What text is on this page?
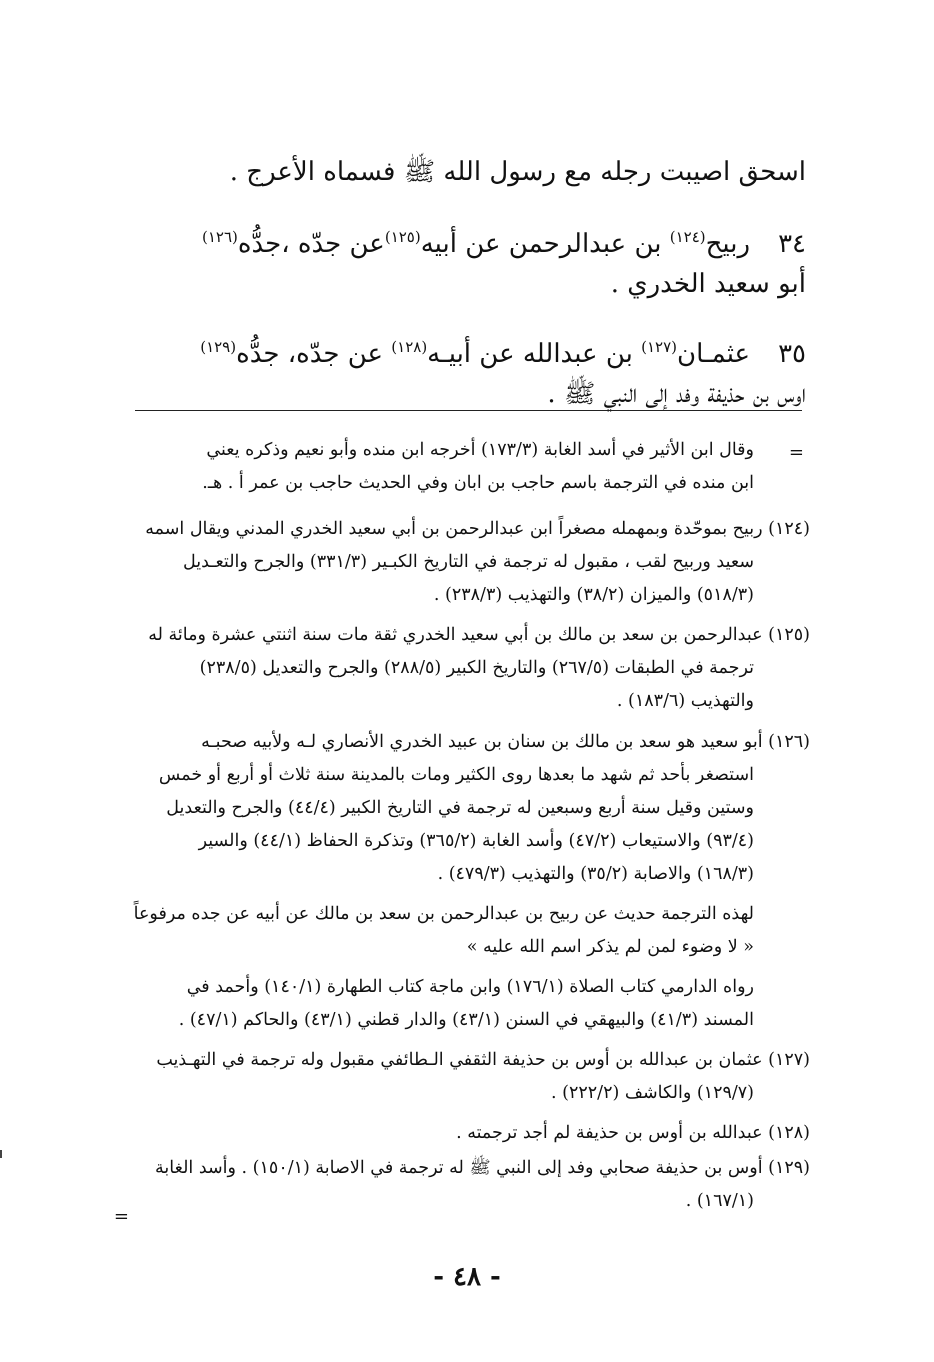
اسحق اصيبت رجله مع رسول الله ﷺ فسماه الأعرج .
٣٤ربيح$^{(١٢٤)}$ بن عبدالرحمن عن أبيه$^{(١٢٥)}$عن جدّه ،جدُّه$^{(١٢٦)}$
أبو سعيد الخدري .
٣٥عثمـان$^{(١٢٧)}$ بن عبدالله عن أبيـه$^{(١٢٨)}$ عن جدّه، جدُّه$^{(١٢٩)}$
اوس بن حذيفة وفد إلى النبي ﷺ .
=
وقال ابن الأثير في أسد الغابة (١٧٣/٣) أخرجه ابن منده وأبو نعيم وذكره يعني
ابن منده في الترجمة باسم حاجب بن ابان وفي الحديث حاجب بن عمر أ . هـ.
(١٢٤) ربيح بموحّدة وبمهمله مصغراً ابن عبدالرحمن بن أبي سعيد الخدري المدني ويقال اسمه
سعيد وربيح لقب ، مقبول له ترجمة في التاريخ الكبـير (٣٣١/٣) والجرح والتعـديل
(٥١٨/٣) والميزان (٣٨/٢) والتهذيب (٢٣٨/٣) .
(١٢٥) عبدالرحمن بن سعد بن مالك بن أبي سعيد الخدري ثقة مات سنة اثنتي عشرة ومائة له
ترجمة في الطبقات (٢٦٧/٥) والتاريخ الكبير (٢٨٨/٥) والجرح والتعديل (٢٣٨/٥)
والتهذيب (١٨٣/٦) .
(١٢٦) أبو سعيد هو سعد بن مالك بن سنان بن عبيد الخدري الأنصاري لـه ولأبيه صحبـه
استصغر بأحد ثم شهد ما بعدها روى الكثير ومات بالمدينة سنة ثلاث أو أربع أو خمس
وستين وقيل سنة أربع وسبعين له ترجمة في التاريخ الكبير (٤٤/٤) والجرح والتعديل
(٩٣/٤) والاستيعاب (٤٧/٢) وأسد الغابة (٣٦٥/٢) وتذكرة الحفاظ (٤٤/١) والسير
(١٦٨/٣) والاصابة (٣٥/٢) والتهذيب (٤٧٩/٣) .
لهذه الترجمة حديث عن ربيح بن عبدالرحمن بن سعد بن مالك عن أبيه عن جده مرفوعاً
« لا وضوء لمن لم يذكر اسم الله عليه »
رواه الدارمي كتاب الصلاة (١٧٦/١) وابن ماجة كتاب الطهارة (١٤٠/١) وأحمد في
المسند (٤١/٣) والبيهقي في السنن (٤٣/١) والدار قطني (٤٣/١) والحاكم (٤٧/١) .
(١٢٧) عثمان بن عبدالله بن أوس بن حذيفة الثقفي الـطائفي مقبول وله ترجمة في التهـذيب
(١٢٩/٧) والكاشف (٢٢٢/٢) .
(١٢٨) عبدالله بن أوس بن حذيفة لم أجد ترجمته .
(١٢٩) أوس بن حذيفة صحابي وفد إلى النبي ﷺ له ترجمة في الاصابة (١٥٠/١) . وأسد الغابة
(١٦٧/١) .
=
- ٤٨ -
